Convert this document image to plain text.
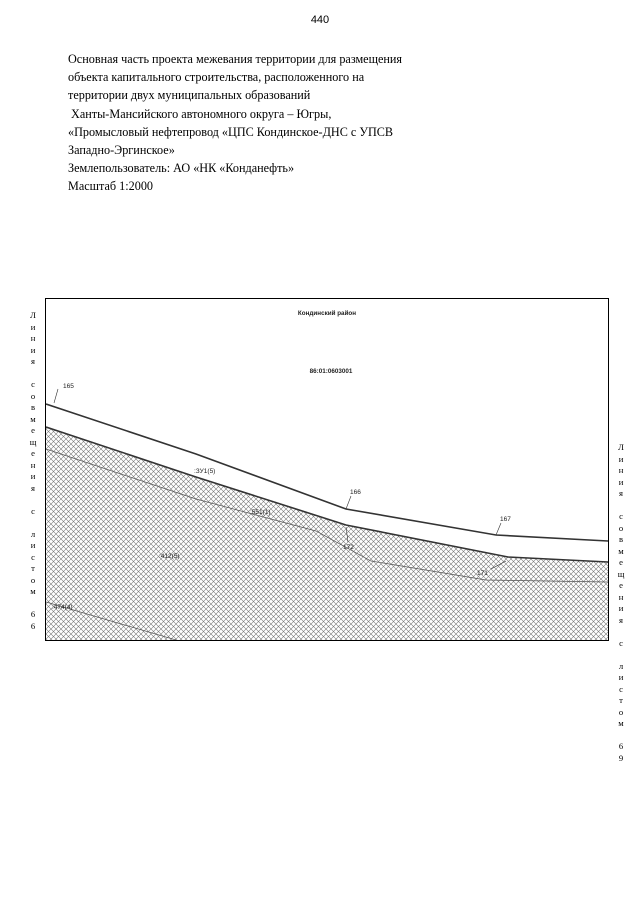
440
Основная часть проекта межевания территории для размещения
объекта капитального строительства, расположенного на
территории двух муниципальных образований
Ханты-Мансийского автономного округа – Югры,
«Промысловый нефтепровод «ЦПС Кондинское-ДНС с УПСВ
Западно-Эргинское»
Землепользователь: АО «НК «Конданефть»
Масштаб 1:2000
Л
и
н
и
я

с
о
в
м
е
щ
е
н
и
я

с

л
и
с
т
о
м

6
6
Л
и
н
и
я

с
о
в
м
е
щ
е
н
и
я

с

л
и
с
т
о
м

6
9
Кондинский район
86:01:0603001
:ЗУ1(5)
:551(1)
:412(5)
:474(4)
165
166
167
172
171
